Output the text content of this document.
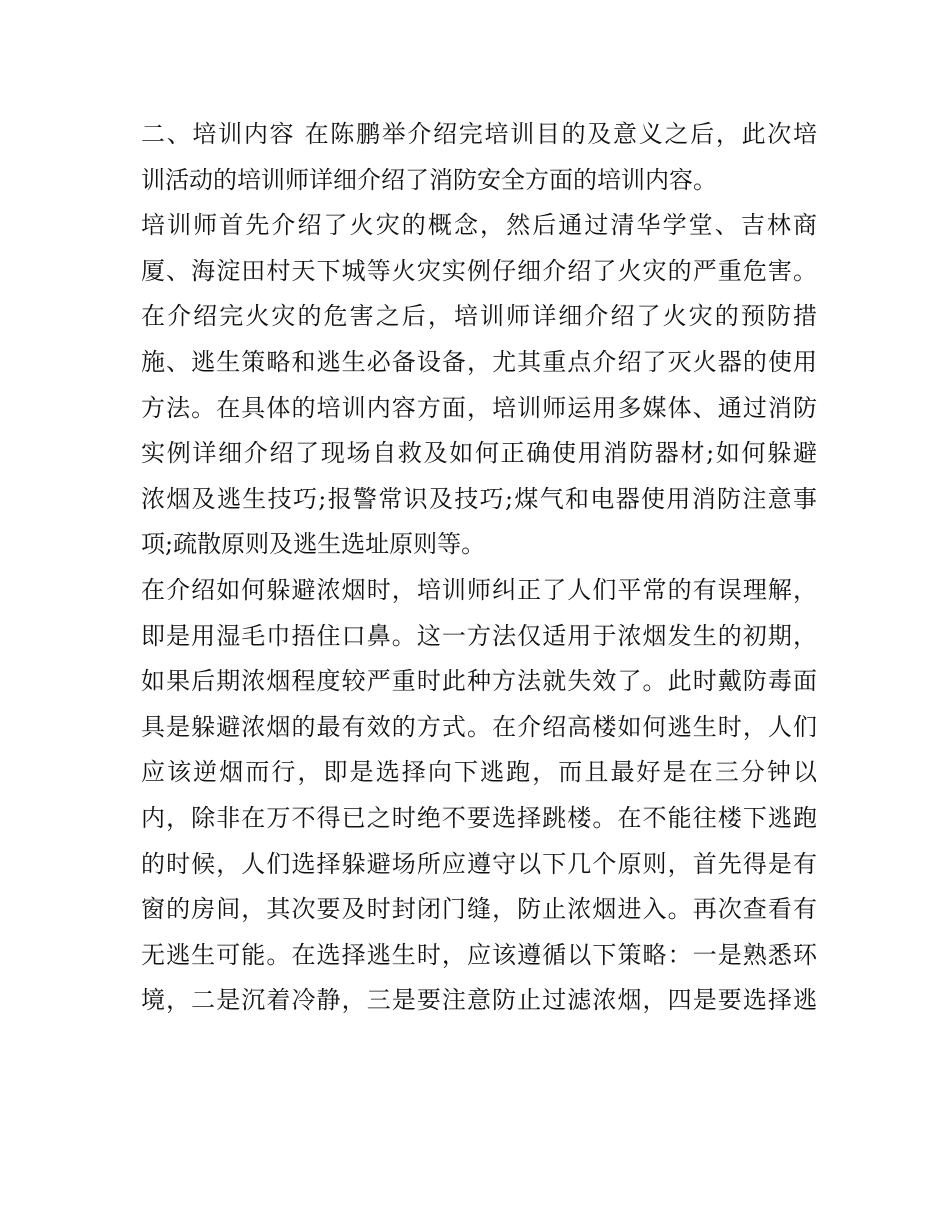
二、培训内容 在陈鹏举介绍完培训目的及意义之后，此次培
训活动的培训师详细介绍了消防安全方面的培训内容。
培训师首先介绍了火灾的概念，然后通过清华学堂、吉林商
厦、海淀田村天下城等火灾实例仔细介绍了火灾的严重危害。
在介绍完火灾的危害之后，培训师详细介绍了火灾的预防措
施、逃生策略和逃生必备设备，尤其重点介绍了灭火器的使用
方法。在具体的培训内容方面，培训师运用多媒体、通过消防
实例详细介绍了现场自救及如何正确使用消防器材;如何躲避
浓烟及逃生技巧;报警常识及技巧;煤气和电器使用消防注意事
项;疏散原则及逃生选址原则等。
在介绍如何躲避浓烟时，培训师纠正了人们平常的有误理解，
即是用湿毛巾捂住口鼻。这一方法仅适用于浓烟发生的初期，
如果后期浓烟程度较严重时此种方法就失效了。此时戴防毒面
具是躲避浓烟的最有效的方式。在介绍高楼如何逃生时，人们
应该逆烟而行，即是选择向下逃跑，而且最好是在三分钟以
内，除非在万不得已之时绝不要选择跳楼。在不能往楼下逃跑
的时候，人们选择躲避场所应遵守以下几个原则，首先得是有
窗的房间，其次要及时封闭门缝，防止浓烟进入。再次查看有
无逃生可能。在选择逃生时，应该遵循以下策略：一是熟悉环
境，二是沉着冷静，三是要注意防止过滤浓烟，四是要选择逃
